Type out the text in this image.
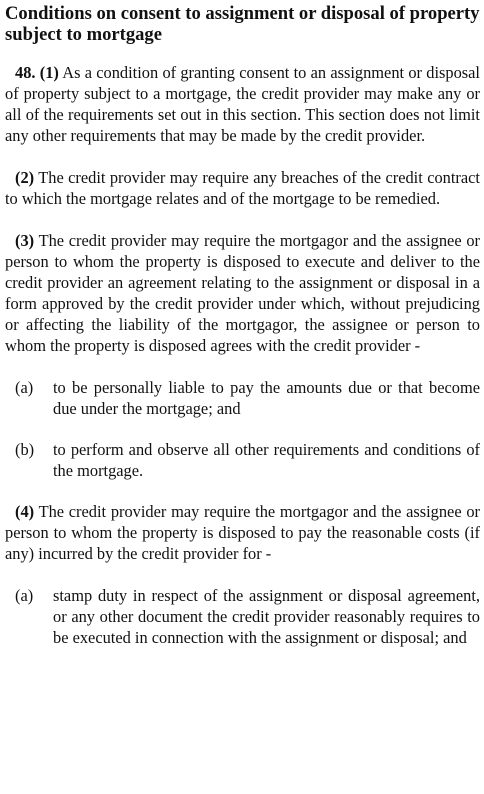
Conditions on consent to assignment or disposal of property subject to mortgage

48. (1) As a condition of granting consent to an assignment or disposal of property subject to a mortgage, the credit provider may make any or all of the requirements set out in this section. This section does not limit any other requirements that may be made by the credit provider.

(2) The credit provider may require any breaches of the credit contract to which the mortgage relates and of the mortgage to be remedied.

(3) The credit provider may require the mortgagor and the assignee or person to whom the property is disposed to execute and deliver to the credit provider an agreement relating to the assignment or disposal in a form approved by the credit provider under which, without prejudicing or affecting the liability of the mortgagor, the assignee or person to whom the property is disposed agrees with the credit provider -

(a)	to be personally liable to pay the amounts due or that become due under the mortgage; and
(b)	to perform and observe all other requirements and conditions of the mortgage.

(4) The credit provider may require the mortgagor and the assignee or person to whom the property is disposed to pay the reasonable costs (if any) incurred by the credit provider for -

(a)	stamp duty in respect of the assignment or disposal agreement, or any other document the credit provider reasonably requires to be executed in connection with the assignment or disposal; and
